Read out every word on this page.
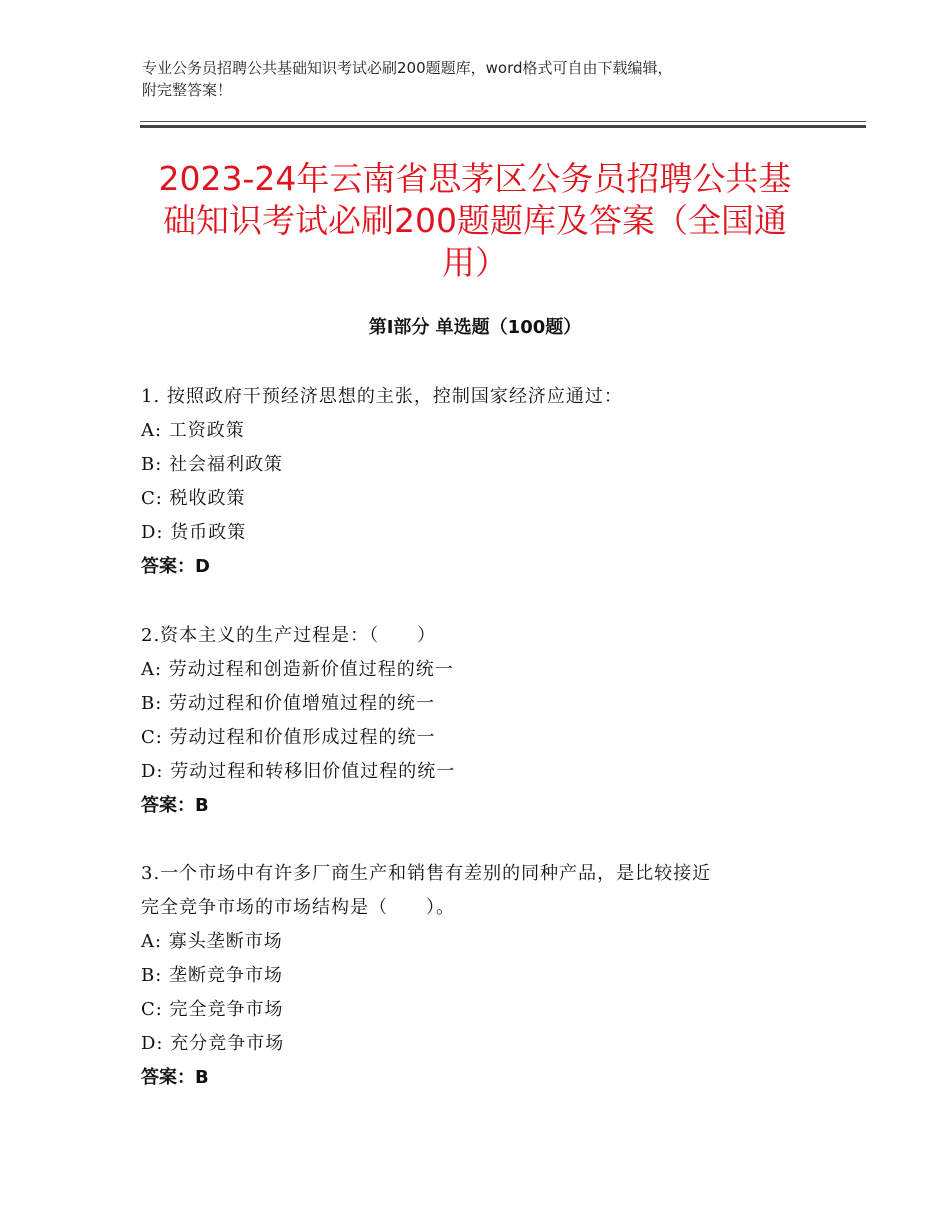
专业公务员招聘公共基础知识考试必刷200题题库，word格式可自由下载编辑，
附完整答案！
2023-24年云南省思茅区公务员招聘公共基
础知识考试必刷200题题库及答案（全国通
用）
第Ⅰ部分 单选题（100题）
1. 按照政府干预经济思想的主张，控制国家经济应通过：
A: 工资政策
B: 社会福利政策
C: 税收政策
D: 货币政策
答案：D
2.资本主义的生产过程是：（　　）
A: 劳动过程和创造新价值过程的统一
B: 劳动过程和价值增殖过程的统一
C: 劳动过程和价值形成过程的统一
D: 劳动过程和转移旧价值过程的统一
答案：B
3.一个市场中有许多厂商生产和销售有差别的同种产品，是比较接近
完全竞争市场的市场结构是（　　）。
A: 寡头垄断市场
B: 垄断竞争市场
C: 完全竞争市场
D: 充分竞争市场
答案：B
